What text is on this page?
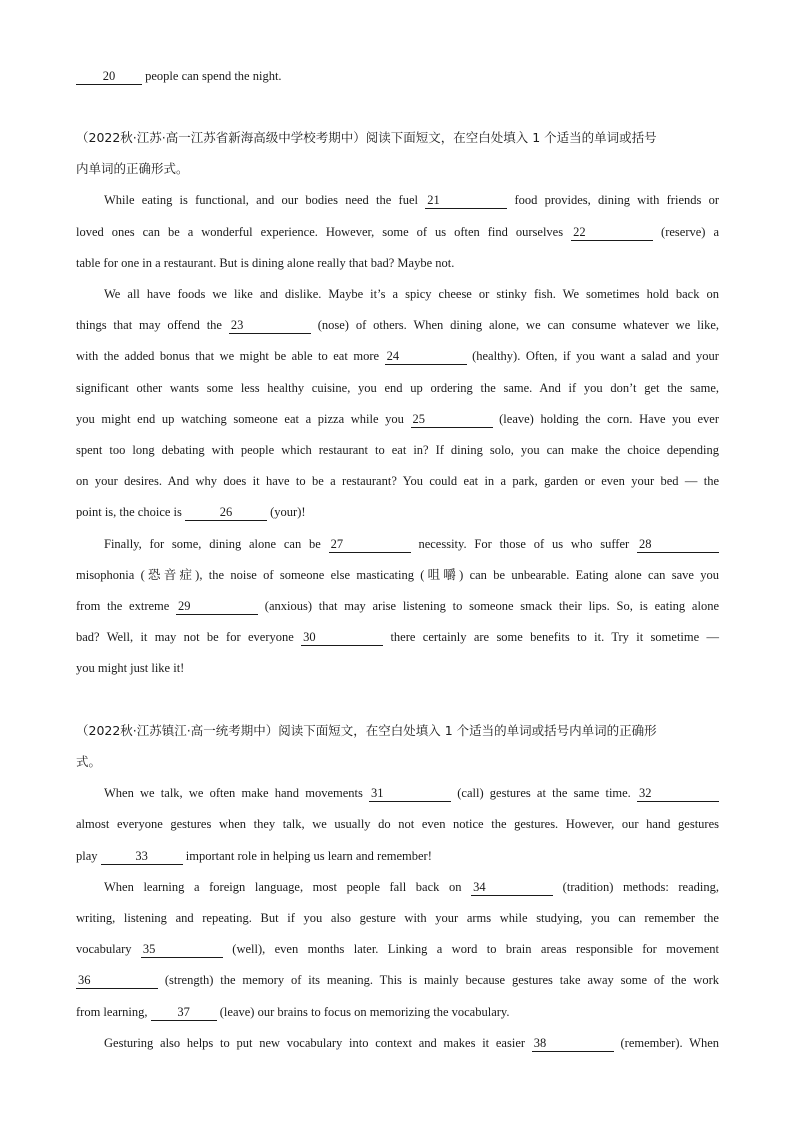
20 people can spend the night.
（2022秋·江苏·高一江苏省新海高级中学校考期中）阅读下面短文，在空白处填入 1 个适当的单词或括号
内单词的正确形式。
While eating is functional, and our bodies need the fuel 21	food provides, dining with friends or
loved ones can be a wonderful experience. However, some of us often find ourselves 22	(reserve) a
table for one in a restaurant. But is dining alone really that bad? Maybe not.
We all have foods we like and dislike. Maybe it’s a spicy cheese or stinky fish. We sometimes hold back on
things that may offend the 23	(nose) of others. When dining alone, we can consume whatever we like,
with the added bonus that we might be able to eat more 24	(healthy). Often, if you want a salad and your
significant other wants some less healthy cuisine, you end up ordering the same. And if you don’t get the same,
you might end up watching someone eat a pizza while you 25	(leave) holding the corn. Have you ever
spent too long debating with people which restaurant to eat in? If dining solo, you can make the choice depending
on your desires. And why does it have to be a restaurant? You could eat in a park, garden or even your bed — the
point is, the choice is	26	(your)!
Finally, for some, dining alone can be 27	necessity. For those of us who suffer 28
misophonia (恐音症), the noise of someone else masticating (咀嚼) can be unbearable. Eating alone can save you
from the extreme 29	(anxious) that may arise listening to someone smack their lips. So, is eating alone
bad? Well, it may not be for everyone 30	there certainly are some benefits to it. Try it sometime —
you might just like it!
（2022秋·江苏镇江·高一统考期中）阅读下面短文，在空白处填入 1 个适当的单词或括号内单词的正确形
式。
When we talk, we often make hand movements 31	(call) gestures at the same time. 32
almost everyone gestures when they talk, we usually do not even notice the gestures. However, our hand gestures
play	33	important role in helping us learn and remember!
When learning a foreign language, most people fall back on 34	(tradition) methods: reading,
writing, listening and repeating. But if you also gesture with your arms while studying, you can remember the
vocabulary 35	(well), even months later. Linking a word to brain areas responsible for movement
36	(strength) the memory of its meaning. This is mainly because gestures take away some of the work
from learning, 37 (leave) our brains to focus on memorizing the vocabulary.
Gesturing also helps to put new vocabulary into context and makes it easier 38	(remember). When
